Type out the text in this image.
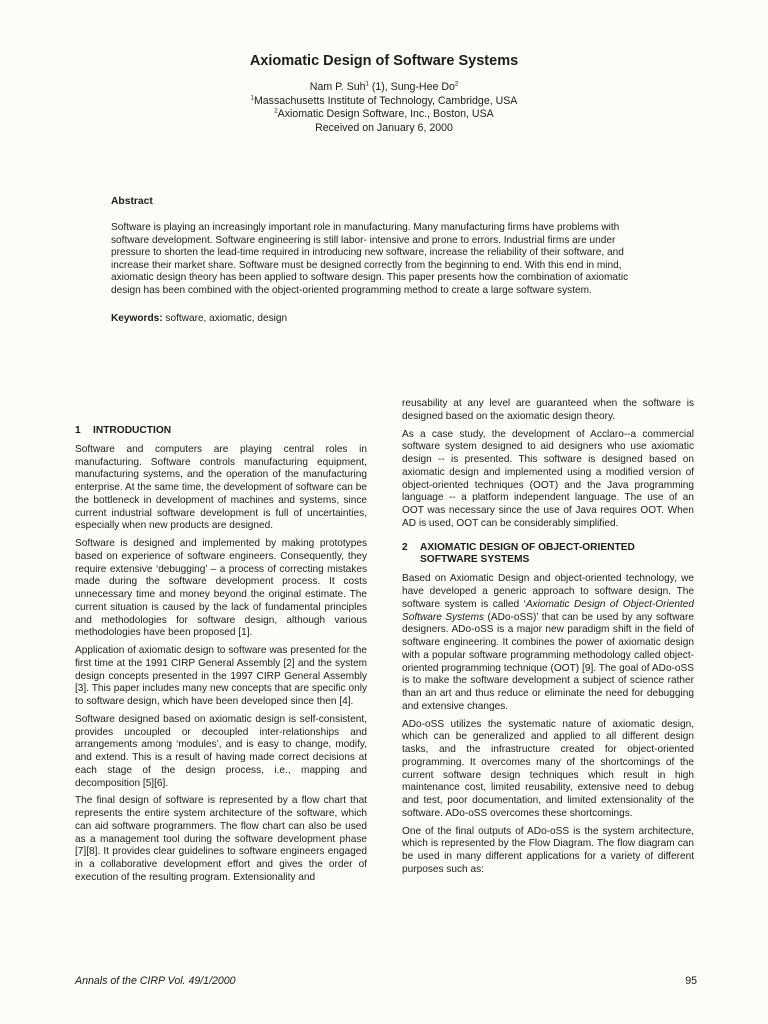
Axiomatic Design of Software Systems
Nam P. Suh$^1$ (1), Sung-Hee Do$^2$
$^1$Massachusetts Institute of Technology, Cambridge, USA
$^2$Axiomatic Design Software, Inc., Boston, USA
Received on January 6, 2000

Abstract

Software is playing an increasingly important role in manufacturing. Many manufacturing firms have problems with software development. Software engineering is still labor- intensive and prone to errors. Industrial firms are under pressure to shorten the lead-time required in introducing new software, increase the reliability of their software, and increase their market share. Software must be designed correctly from the beginning to end. With this end in mind, axiomatic design theory has been applied to software design. This paper presents how the combination of axiomatic design has been combined with the object-oriented programming method to create a large software system.

Keywords: software, axiomatic, design

1	INTRODUCTION

Software and computers are playing central roles in manufacturing. Software controls manufacturing equipment, manufacturing systems, and the operation of the manufacturing enterprise. At the same time, the development of software can be the bottleneck in development of machines and systems, since current industrial software development is full of uncertainties, especially when new products are designed.

Software is designed and implemented by making prototypes based on experience of software engineers. Consequently, they require extensive ‘debugging’ – a process of correcting mistakes made during the software development process. It costs unnecessary time and money beyond the original estimate. The current situation is caused by the lack of fundamental principles and methodologies for software design, although various methodologies have been proposed [1].

Application of axiomatic design to software was presented for the first time at the 1991 CIRP General Assembly [2] and the system design concepts presented in the 1997 CIRP General Assembly [3]. This paper includes many new concepts that are specific only to software design, which have been developed since then [4].

Software designed based on axiomatic design is self-consistent, provides uncoupled or decoupled inter-relationships and arrangements among ‘modules’, and is easy to change, modify, and extend. This is a result of having made correct decisions at each stage of the design process, i.e., mapping and decomposition [5][6].

The final design of software is represented by a flow chart that represents the entire system architecture of the software, which can aid software programmers. The flow chart can also be used as a management tool during the software development phase [7][8]. It provides clear guidelines to software engineers engaged in a collaborative development effort and gives the order of execution of the resulting program. Extensionality and

reusability at any level are guaranteed when the software is designed based on the axiomatic design theory.

As a case study, the development of Acclaro--a commercial software system designed to aid designers who use axiomatic design -- is presented. This software is designed based on axiomatic design and implemented using a modified version of object-oriented techniques (OOT) and the Java programming language -- a platform independent language. The use of an OOT was necessary since the use of Java requires OOT. When AD is used, OOT can be considerably simplified.

2	AXIOMATIC DESIGN OF OBJECT-ORIENTED SOFTWARE SYSTEMS

Based on Axiomatic Design and object-oriented technology, we have developed a generic approach to software design. The software system is called ‘Axiomatic Design of Object-Oriented Software Systems (ADo-oSS)’ that can be used by any software designers. ADo-oSS is a major new paradigm shift in the field of software engineering. It combines the power of axiomatic design with a popular software programming methodology called object-oriented programming technique (OOT) [9]. The goal of ADo-oSS is to make the software development a subject of science rather than an art and thus reduce or eliminate the need for debugging and extensive changes.

ADo-oSS utilizes the systematic nature of axiomatic design, which can be generalized and applied to all different design tasks, and the infrastructure created for object-oriented programming. It overcomes many of the shortcomings of the current software design techniques which result in high maintenance cost, limited reusability, extensive need to debug and test, poor documentation, and limited extensionality of the software. ADo-oSS overcomes these shortcomings.

One of the final outputs of ADo-oSS is the system architecture, which is represented by the Flow Diagram. The flow diagram can be used in many different applications for a variety of different purposes such as:

Annals of the CIRP Vol. 49/1/2000	95
